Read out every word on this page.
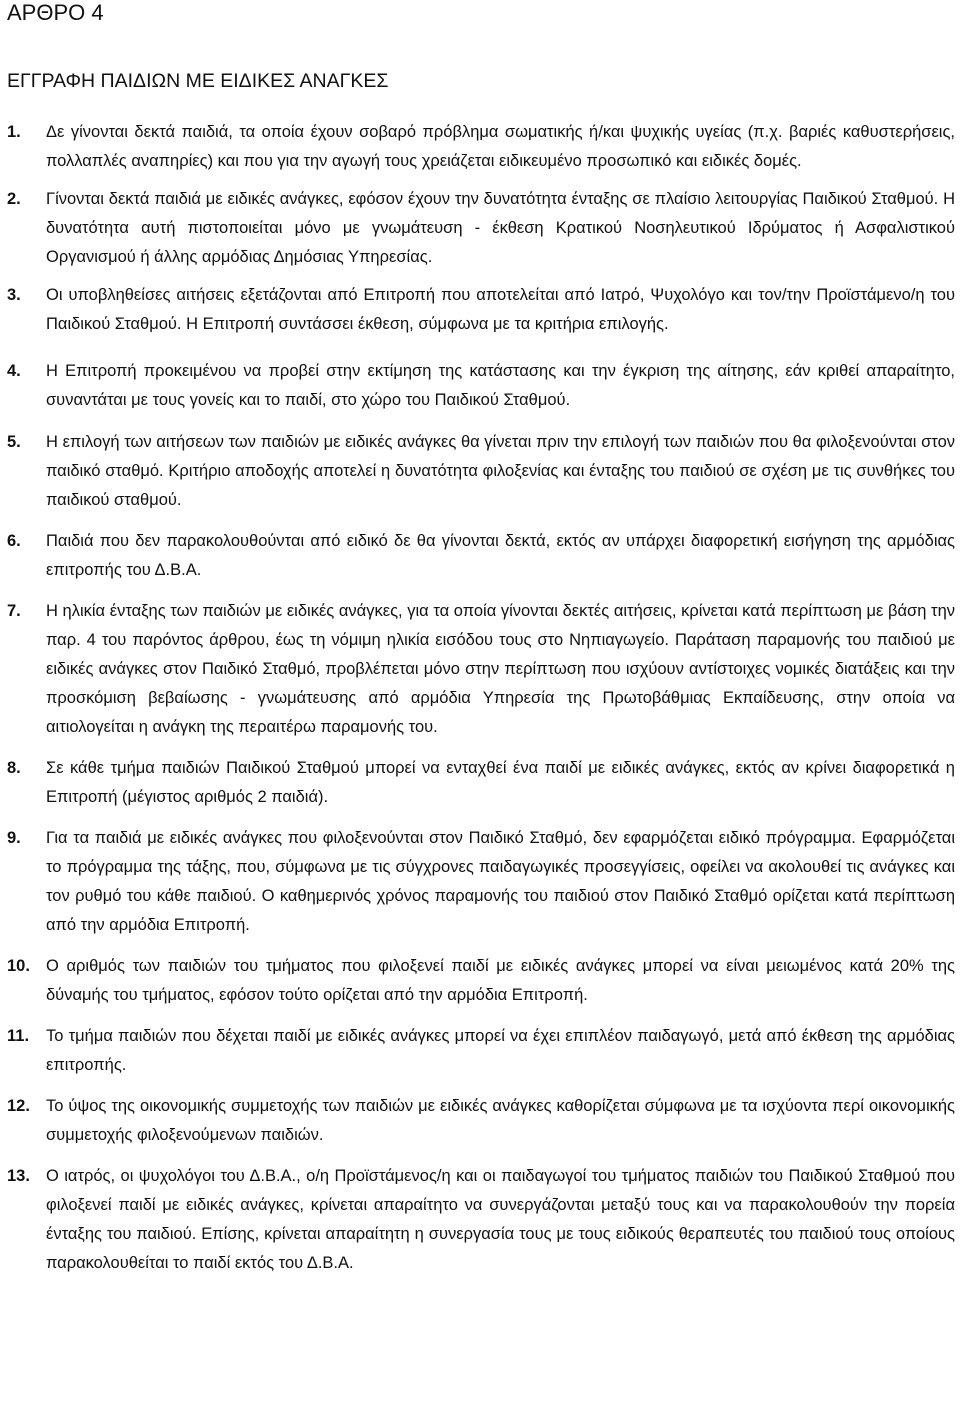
ΑΡΘΡΟ 4
ΕΓΓΡΑΦΗ ΠΑΙΔΙΩΝ ΜΕ ΕΙΔΙΚΕΣ ΑΝΑΓΚΕΣ
1.	Δε γίνονται δεκτά παιδιά, τα οποία έχουν σοβαρό πρόβλημα σωματικής ή/και ψυχικής υγείας (π.χ. βαριές καθυστερήσεις, πολλαπλές αναπηρίες) και που για την αγωγή τους χρειάζεται ειδικευμένο προσωπικό και ειδικές δομές.

2.	Γίνονται δεκτά παιδιά με ειδικές ανάγκες, εφόσον έχουν την δυνατότητα ένταξης σε πλαίσιο λειτουργίας Παιδικού Σταθμού. Η δυνατότητα αυτή πιστοποιείται μόνο με γνωμάτευση - έκθεση Κρατικού Νοσηλευτικού Ιδρύματος ή Ασφαλιστικού Οργανισμού ή άλλης αρμόδιας Δημόσιας Υπηρεσίας.

3.	Οι υποβληθείσες αιτήσεις εξετάζονται από Επιτροπή που αποτελείται από Ιατρό, Ψυχολόγο και τον/την Προϊστάμενο/η του Παιδικού Σταθμού. Η Επιτροπή συντάσσει έκθεση, σύμφωνα με τα κριτήρια επιλογής.

4.	Η Επιτροπή προκειμένου να προβεί στην εκτίμηση της κατάστασης και την έγκριση της αίτησης, εάν κριθεί απαραίτητο, συναντάται με τους γονείς και το παιδί, στο χώρο του Παιδικού Σταθμού.

5.	Η επιλογή των αιτήσεων των παιδιών με ειδικές ανάγκες θα γίνεται πριν την επιλογή των παιδιών που θα φιλοξενούνται στον παιδικό σταθμό. Κριτήριο αποδοχής αποτελεί η δυνατότητα φιλοξενίας και ένταξης του παιδιού σε σχέση με τις συνθήκες του παιδικού σταθμού.

6.	Παιδιά που δεν παρακολουθούνται από ειδικό δε θα γίνονται δεκτά, εκτός αν υπάρχει διαφορετική εισήγηση της αρμόδιας επιτροπής του Δ.Β.Α.

7.	Η ηλικία ένταξης των παιδιών με ειδικές ανάγκες, για τα οποία γίνονται δεκτές αιτήσεις, κρίνεται κατά περίπτωση με βάση την παρ. 4 του παρόντος άρθρου, έως τη νόμιμη ηλικία εισόδου τους στο Νηπιαγωγείο. Παράταση παραμονής του παιδιού με ειδικές ανάγκες στον Παιδικό Σταθμό, προβλέπεται μόνο στην περίπτωση που ισχύουν αντίστοιχες νομικές διατάξεις και την προσκόμιση βεβαίωσης - γνωμάτευσης από αρμόδια Υπηρεσία της Πρωτοβάθμιας Εκπαίδευσης, στην οποία να αιτιολογείται η ανάγκη της περαιτέρω παραμονής του.

8.	Σε κάθε τμήμα παιδιών Παιδικού Σταθμού μπορεί να ενταχθεί ένα παιδί με ειδικές ανάγκες, εκτός αν κρίνει διαφορετικά η Επιτροπή (μέγιστος αριθμός 2 παιδιά).

9.	Για τα παιδιά με ειδικές ανάγκες που φιλοξενούνται στον Παιδικό Σταθμό, δεν εφαρμόζεται ειδικό πρόγραμμα. Εφαρμόζεται το πρόγραμμα της τάξης, που, σύμφωνα με τις σύγχρονες παιδαγωγικές προσεγγίσεις, οφείλει να ακολουθεί τις ανάγκες και τον ρυθμό του κάθε παιδιού. Ο καθημερινός χρόνος παραμονής του παιδιού στον Παιδικό Σταθμό ορίζεται κατά περίπτωση από την αρμόδια Επιτροπή.

10. Ο αριθμός των παιδιών του τμήματος που φιλοξενεί παιδί με ειδικές ανάγκες μπορεί να είναι μειωμένος κατά 20% της δύναμής του τμήματος, εφόσον τούτο ορίζεται από την αρμόδια Επιτροπή.

11.	Το τμήμα παιδιών που δέχεται παιδί με ειδικές ανάγκες μπορεί να έχει επιπλέον παιδαγωγό, μετά από έκθεση της αρμόδιας επιτροπής.

12. Το ύψος της οικονομικής συμμετοχής των παιδιών με ειδικές ανάγκες καθορίζεται σύμφωνα με τα ισχύοντα περί οικονομικής συμμετοχής φιλοξενούμενων παιδιών.

13. Ο ιατρός, οι ψυχολόγοι του Δ.Β.Α., ο/η Προϊστάμενος/η και οι παιδαγωγοί του τμήματος παιδιών του Παιδικού Σταθμού που φιλοξενεί παιδί με ειδικές ανάγκες, κρίνεται απαραίτητο να συνεργάζονται μεταξύ τους και να παρακολουθούν την πορεία ένταξης του παιδιού. Επίσης, κρίνεται απαραίτητη η συνεργασία τους με τους ειδικούς θεραπευτές του παιδιού τους οποίους παρακολουθείται το παιδί εκτός του Δ.Β.Α.
